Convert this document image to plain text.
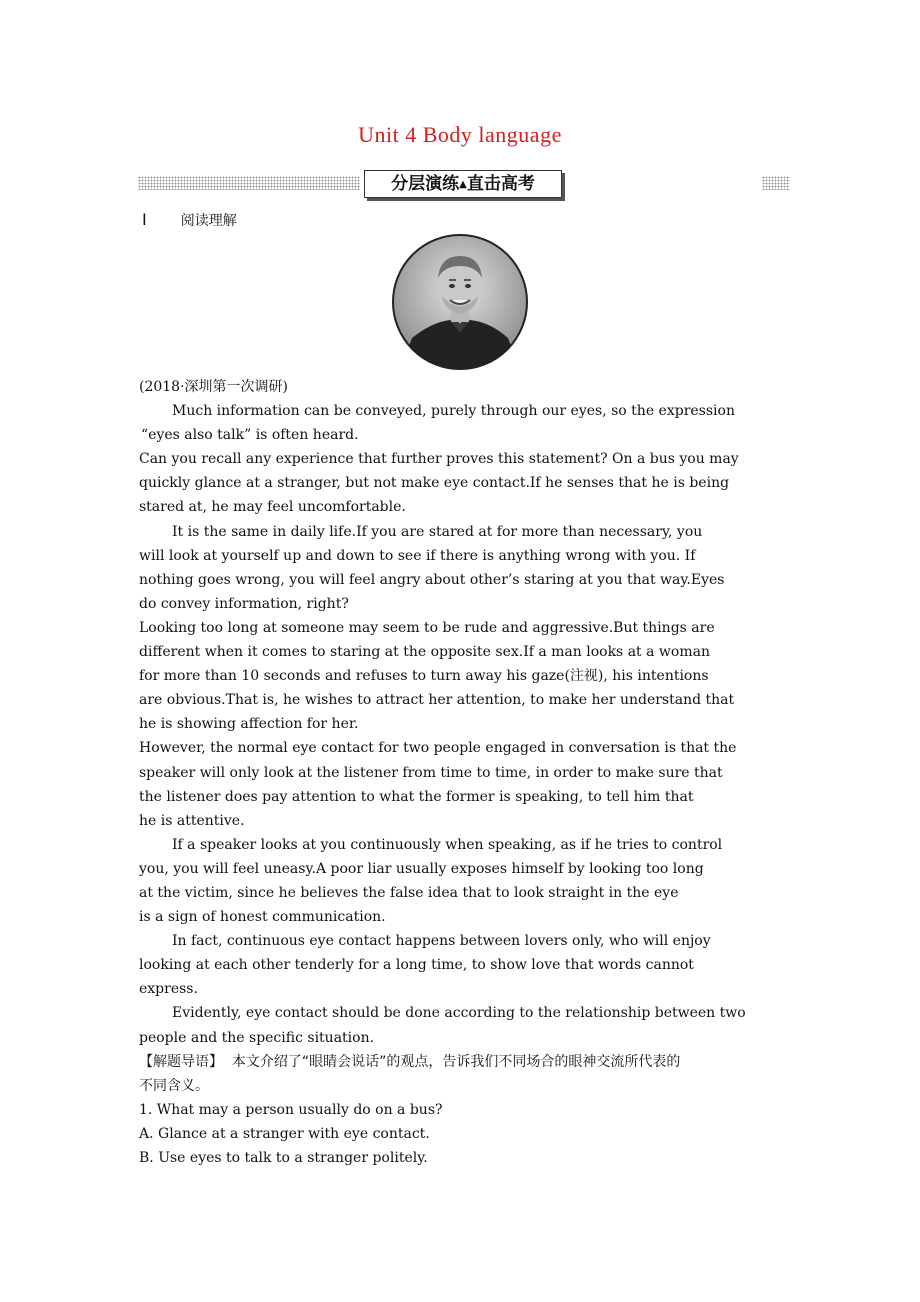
Unit 4 Body language
分层演练▲直击高考
Ⅰ 阅读理解

(2018·深圳第一次调研)

Much information can be conveyed, purely through our eyes, so the expression

“eyes also talk” is often heard.

Can you recall any experience that further proves this statement? On a bus you may

quickly glance at a stranger, but not make eye contact.If he senses that he is being

stared at, he may feel uncomfortable.

It is the same in daily life.If you are stared at for more than necessary, you

will look at yourself up and down to see if there is anything wrong with you. If

nothing goes wrong, you will feel angry about other’s staring at you that way.Eyes

do convey information, right?

Looking too long at someone may seem to be rude and aggressive.But things are

different when it comes to staring at the opposite sex.If a man looks at a woman

for more than 10 seconds and refuses to turn away his gaze(注视), his intentions

are obvious.That is, he wishes to attract her attention, to make her understand that

he is showing affection for her.

However, the normal eye contact for two people engaged in conversation is that the

speaker will only look at the listener from time to time, in order to make sure that

the listener does pay attention to what the former is speaking, to tell him that

he is attentive.

If a speaker looks at you continuously when speaking, as if he tries to control

you, you will feel uneasy.A poor liar usually exposes himself by looking too long

at the victim, since he believes the false idea that to look straight in the eye

is a sign of honest communication.

In fact, continuous eye contact happens between lovers only, who will enjoy

looking at each other tenderly for a long time, to show love that words cannot

express.

Evidently, eye contact should be done according to the relationship between two

people and the specific situation.

【解题导语】  本文介绍了“眼睛会说话”的观点，告诉我们不同场合的眼神交流所代表的

不同含义。

1. What may a person usually do on a bus?

A. Glance at a stranger with eye contact.

B. Use eyes to talk to a stranger politely.
